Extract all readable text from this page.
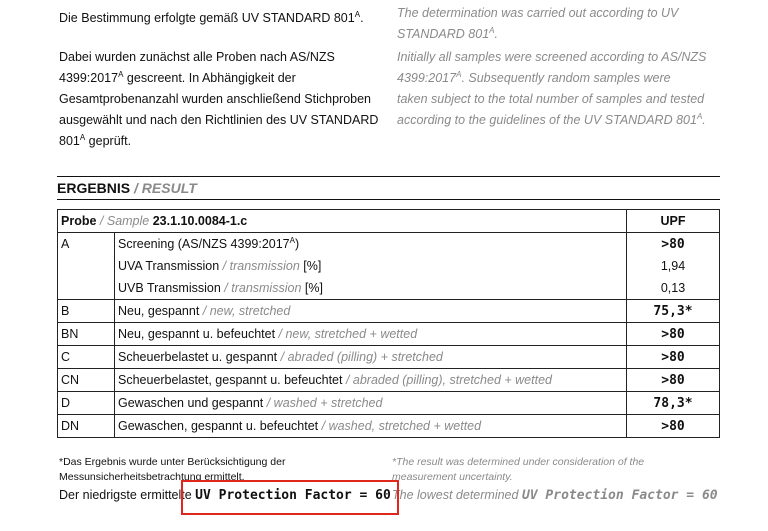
Die Bestimmung erfolgte gemäß UV STANDARD $801^A$.	The determination was carried out according to UV
STANDARD $801^A$.
Dabei wurden zunächst alle Proben nach AS/NZS
$4399:2017^A$ gescreent. In Abhängigkeit der
Gesamtprobenanzahl wurden anschließend Stichproben
ausgewählt und nach den Richtlinien des UV STANDARD
$801^A$ geprüft.
Initially all samples were screened according to AS/NZS
$4399:2017^A$. Subsequently random samples were
taken subject to the total number of samples and tested
according to the guidelines of the UV STANDARD $801^A$.
ERGEBNIS / RESULT
Probe / Sample 23.1.10.0084-1.c		UPF
A	Screening (AS/NZS $4399:2017^A$)	>80
	UVA Transmission / transmission [%]	1,94
	UVB Transmission / transmission [%]	0,13
B	Neu, gespannt / new, stretched	75,3*
BN	Neu, gespannt u. befeuchtet / new, stretched + wetted	>80
C	Scheuerbelastet u. gespannt / abraded (pilling) + stretched	>80
CN	Scheuerbelastet, gespannt u. befeuchtet / abraded (pilling), stretched + wetted	>80
D	Gewaschen und gespannt / washed + stretched	78,3*
DN	Gewaschen, gespannt u. befeuchtet / washed, stretched + wetted	>80
*Das Ergebnis wurde unter Berücksichtigung der
Messunsicherheitsbetrachtung ermittelt.
*The result was determined under consideration of the
measurement uncertainty.
Der niedrigste ermittelte UV Protection Factor = 60 The lowest determined UV Protection Factor = 60
